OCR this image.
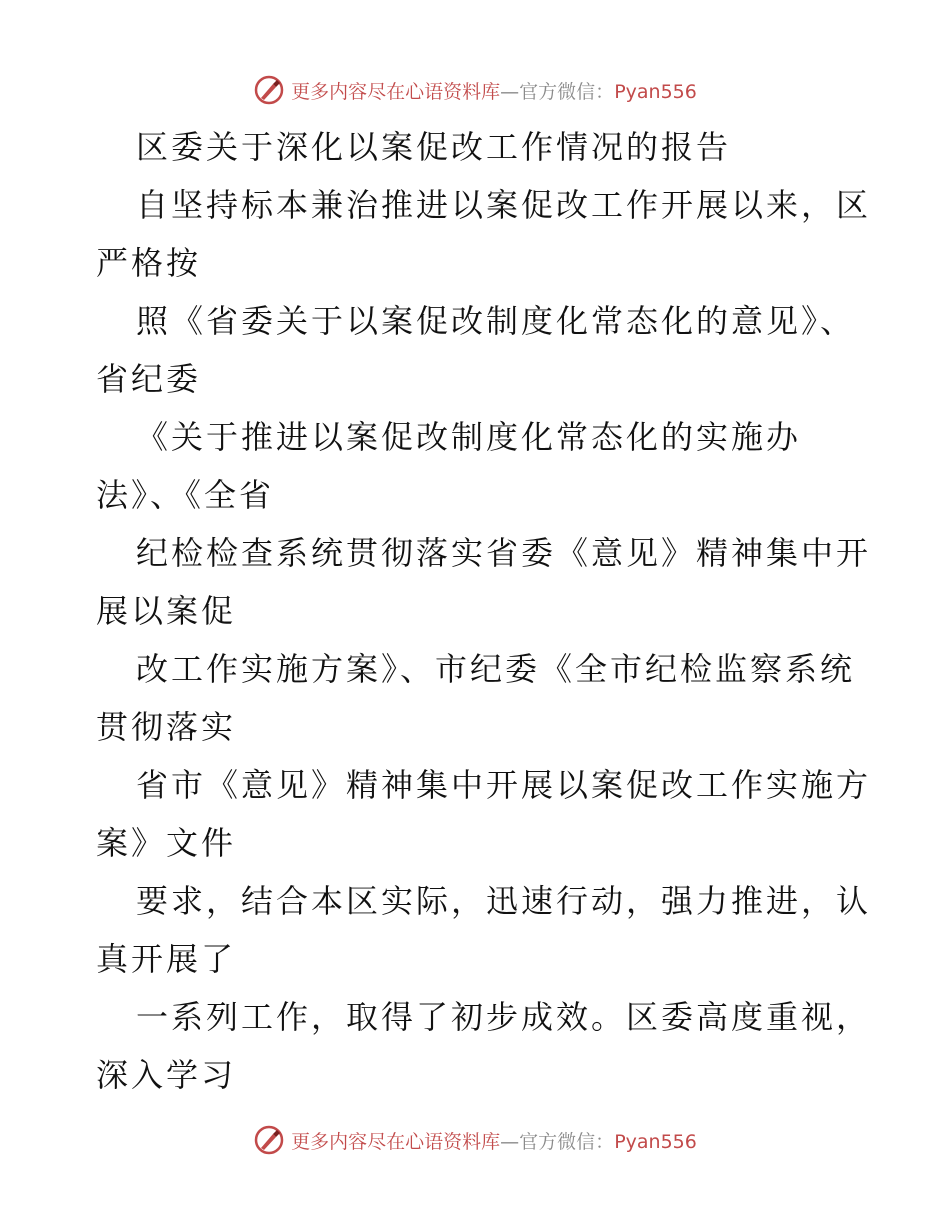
更多内容尽在心语资料库—官方微信：Pyan556
区委关于深化以案促改工作情况的报告
自坚持标本兼治推进以案促改工作开展以来，区
严格按
照《省委关于以案促改制度化常态化的意见》、
省纪委
《关于推进以案促改制度化常态化的实施办
法》、《全省
纪检检查系统贯彻落实省委《意见》精神集中开
展以案促
改工作实施方案》、市纪委《全市纪检监察系统
贯彻落实
省市《意见》精神集中开展以案促改工作实施方
案》文件
要求，结合本区实际，迅速行动，强力推进，认
真开展了
一系列工作，取得了初步成效。区委高度重视，
深入学习
更多内容尽在心语资料库—官方微信：Pyan556
